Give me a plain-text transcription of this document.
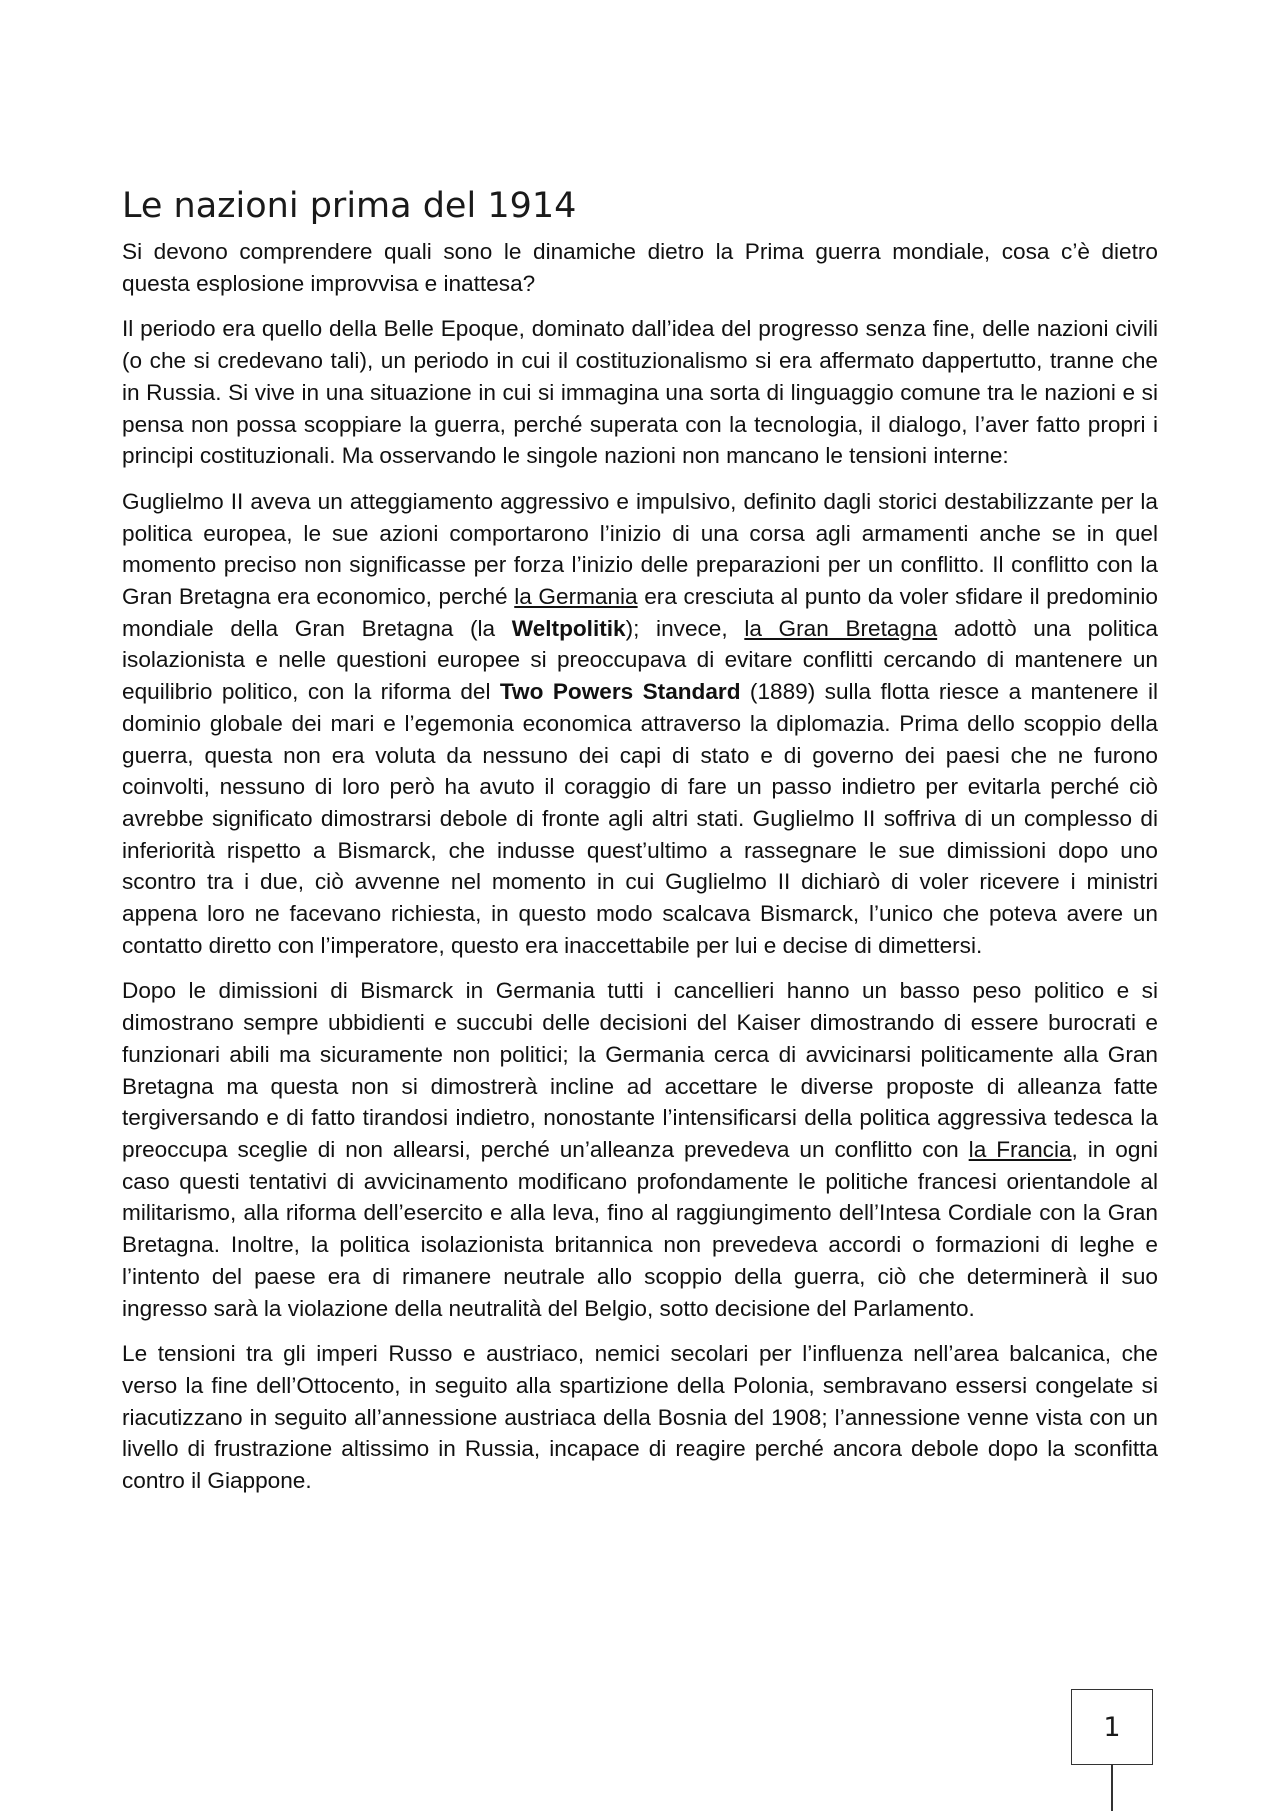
Le nazioni prima del 1914

Si devono comprendere quali sono le dinamiche dietro la Prima guerra mondiale, cosa c’è dietro questa esplosione improvvisa e inattesa?

Il periodo era quello della Belle Epoque, dominato dall’idea del progresso senza fine, delle nazioni civili (o che si credevano tali), un periodo in cui il costituzionalismo si era affermato dappertutto, tranne che in Russia. Si vive in una situazione in cui si immagina una sorta di linguaggio comune tra le nazioni e si pensa non possa scoppiare la guerra, perché superata con la tecnologia, il dialogo, l’aver fatto propri i principi costituzionali. Ma osservando le singole nazioni non mancano le tensioni interne:

Guglielmo II aveva un atteggiamento aggressivo e impulsivo, definito dagli storici destabilizzante per la politica europea, le sue azioni comportarono l’inizio di una corsa agli armamenti anche se in quel momento preciso non significasse per forza l’inizio delle preparazioni per un conflitto. Il conflitto con la Gran Bretagna era economico, perché la Germania era cresciuta al punto da voler sfidare il predominio mondiale della Gran Bretagna (la Weltpolitik); invece, la Gran Bretagna adottò una politica isolazionista e nelle questioni europee si preoccupava di evitare conflitti cercando di mantenere un equilibrio politico, con la riforma del Two Powers Standard (1889) sulla flotta riesce a mantenere il dominio globale dei mari e l’egemonia economica attraverso la diplomazia. Prima dello scoppio della guerra, questa non era voluta da nessuno dei capi di stato e di governo dei paesi che ne furono coinvolti, nessuno di loro però ha avuto il coraggio di fare un passo indietro per evitarla perché ciò avrebbe significato dimostrarsi debole di fronte agli altri stati. Guglielmo II soffriva di un complesso di inferiorità rispetto a Bismarck, che indusse quest’ultimo a rassegnare le sue dimissioni dopo uno scontro tra i due, ciò avvenne nel momento in cui Guglielmo II dichiarò di voler ricevere i ministri appena loro ne facevano richiesta, in questo modo scalcava Bismarck, l’unico che poteva avere un contatto diretto con l’imperatore, questo era inaccettabile per lui e decise di dimettersi.

Dopo le dimissioni di Bismarck in Germania tutti i cancellieri hanno un basso peso politico e si dimostrano sempre ubbidienti e succubi delle decisioni del Kaiser dimostrando di essere burocrati e funzionari abili ma sicuramente non politici; la Germania cerca di avvicinarsi politicamente alla Gran Bretagna ma questa non si dimostrerà incline ad accettare le diverse proposte di alleanza fatte tergiversando e di fatto tirandosi indietro, nonostante l’intensificarsi della politica aggressiva tedesca la preoccupa sceglie di non allearsi, perché un’alleanza prevedeva un conflitto con la Francia, in ogni caso questi tentativi di avvicinamento modificano profondamente le politiche francesi orientandole al militarismo, alla riforma dell’esercito e alla leva, fino al raggiungimento dell’Intesa Cordiale con la Gran Bretagna. Inoltre, la politica isolazionista britannica non prevedeva accordi o formazioni di leghe e l’intento del paese era di rimanere neutrale allo scoppio della guerra, ciò che determinerà il suo ingresso sarà la violazione della neutralità del Belgio, sotto decisione del Parlamento.

Le tensioni tra gli imperi Russo e austriaco, nemici secolari per l’influenza nell’area balcanica, che verso la fine dell’Ottocento, in seguito alla spartizione della Polonia, sembravano essersi congelate si riacutizzano in seguito all’annessione austriaca della Bosnia del 1908; l’annessione venne vista con un livello di frustrazione altissimo in Russia, incapace di reagire perché ancora debole dopo la sconfitta contro il Giappone.

1
